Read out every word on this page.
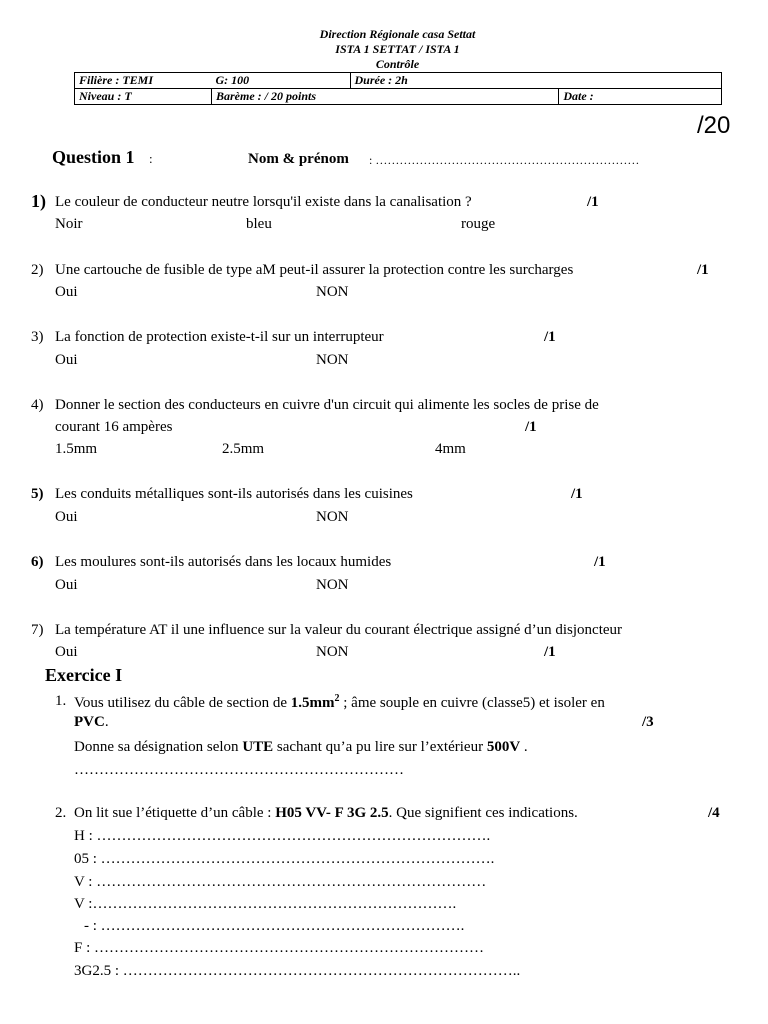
Direction Régionale casa Settat
ISTA 1 SETTAT / ISTA 1
Contrôle
Filière : TEMI	G: 100	Durée : 2h	
Niveau : T	Barème : / 20 points		Date :
/20
Question 1 :	Nom & prénom : …………………………………………………………
1) Le couleur de conducteur neutre lorsqu'il existe dans la canalisation ?	/1
Noir	bleu	rouge
2) Une cartouche de fusible de type aM peut-il assurer la protection contre les surcharges	/1
Oui	NON
3) La fonction de protection existe-t-il sur un interrupteur	/1
Oui	NON
4) Donner le section des conducteurs en cuivre d'un circuit qui alimente les socles de prise de
courant 16 ampères	/1
1.5mm	2.5mm	4mm
5) Les conduits métalliques sont-ils autorisés dans les cuisines	/1
Oui	NON
6) Les moulures sont-ils autorisés dans les locaux humides	/1
Oui	NON
7) La température AT il une influence sur la valeur du courant électrique assigné d’un disjoncteur
Oui	NON	/1
Exercice I
1. Vous utilisez du câble de section de $1.5mm^2$ ; âme souple en cuivre (classe5) et isoler en
PVC.	/3
Donne sa désignation selon UTE sachant qu’a pu lire sur l’extérieur 500V .
…………………………………………………………
2. On lit sue l’étiquette d’un câble : H05 VV- F 3G 2.5. Que signifient ces indications.	/4
H : …………………………………………………………………….
05 : …………………………………………………………………….
V : ……………………………………………………………………
V :……………………………………………………………….
- : ……………………………………………………………….
F : ……………………………………………………………………
3G2.5 : ……………………………………………………………………..
